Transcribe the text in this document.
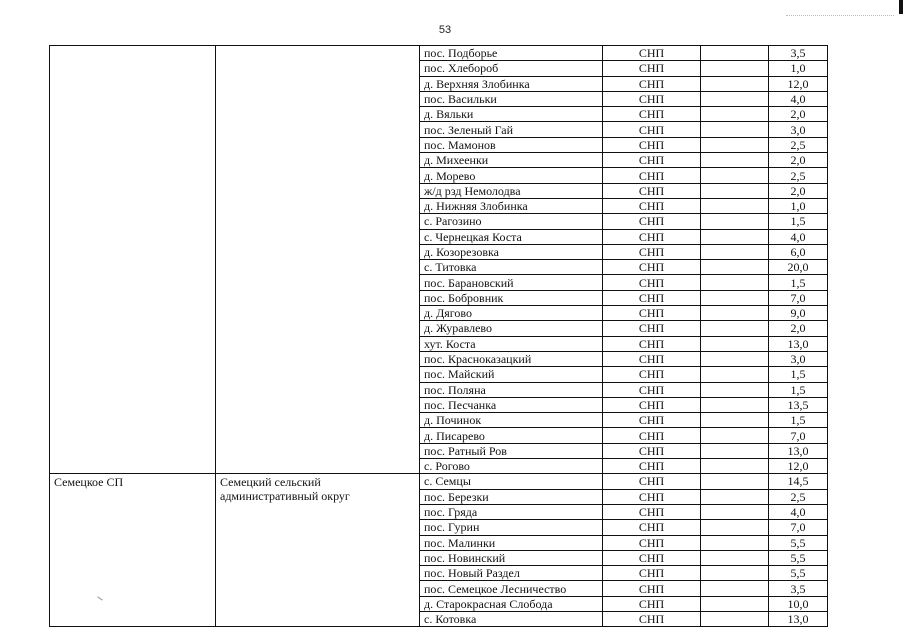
53
		пос. Подборье	СНП		3,5
		пос. Хлебороб	СНП		1,0
		д. Верхняя Злобинка	СНП		12,0
		пос. Васильки	СНП		4,0
		д. Вяльки	СНП		2,0
		пос. Зеленый Гай	СНП		3,0
		пос. Мамонов	СНП		2,5
		д. Михеенки	СНП		2,0
		д. Морево	СНП		2,5
		ж/д рзд Немолодва	СНП		2,0
		д. Нижняя Злобинка	СНП		1,0
		с. Рагозино	СНП		1,5
		с. Чернецкая Коста	СНП		4,0
		д. Козорезовка	СНП		6,0
		с. Титовка	СНП		20,0
		пос. Барановский	СНП		1,5
		пос. Бобровник	СНП		7,0
		д. Дягово	СНП		9,0
		д. Журавлево	СНП		2,0
		хут. Коста	СНП		13,0
		пос. Красноказацкий	СНП		3,0
		пос. Майский	СНП		1,5
		пос. Поляна	СНП		1,5
		пос. Песчанка	СНП		13,5
		д. Починок	СНП		1,5
		д. Писарево	СНП		7,0
		пос. Ратный Ров	СНП		13,0
		с. Рогово	СНП		12,0
Семецкое СП	Семецкий сельский административный округ	с. Семцы	СНП		14,5
		пос. Березки	СНП		2,5
		пос. Гряда	СНП		4,0
		пос. Гурин	СНП		7,0
		пос. Малинки	СНП		5,5
		пос. Новинский	СНП		5,5
		пос. Новый Раздел	СНП		5,5
		пос. Семецкое Лесничество	СНП		3,5
		д. Старокрасная Слобода	СНП		10,0
		с. Котовка	СНП		13,0
